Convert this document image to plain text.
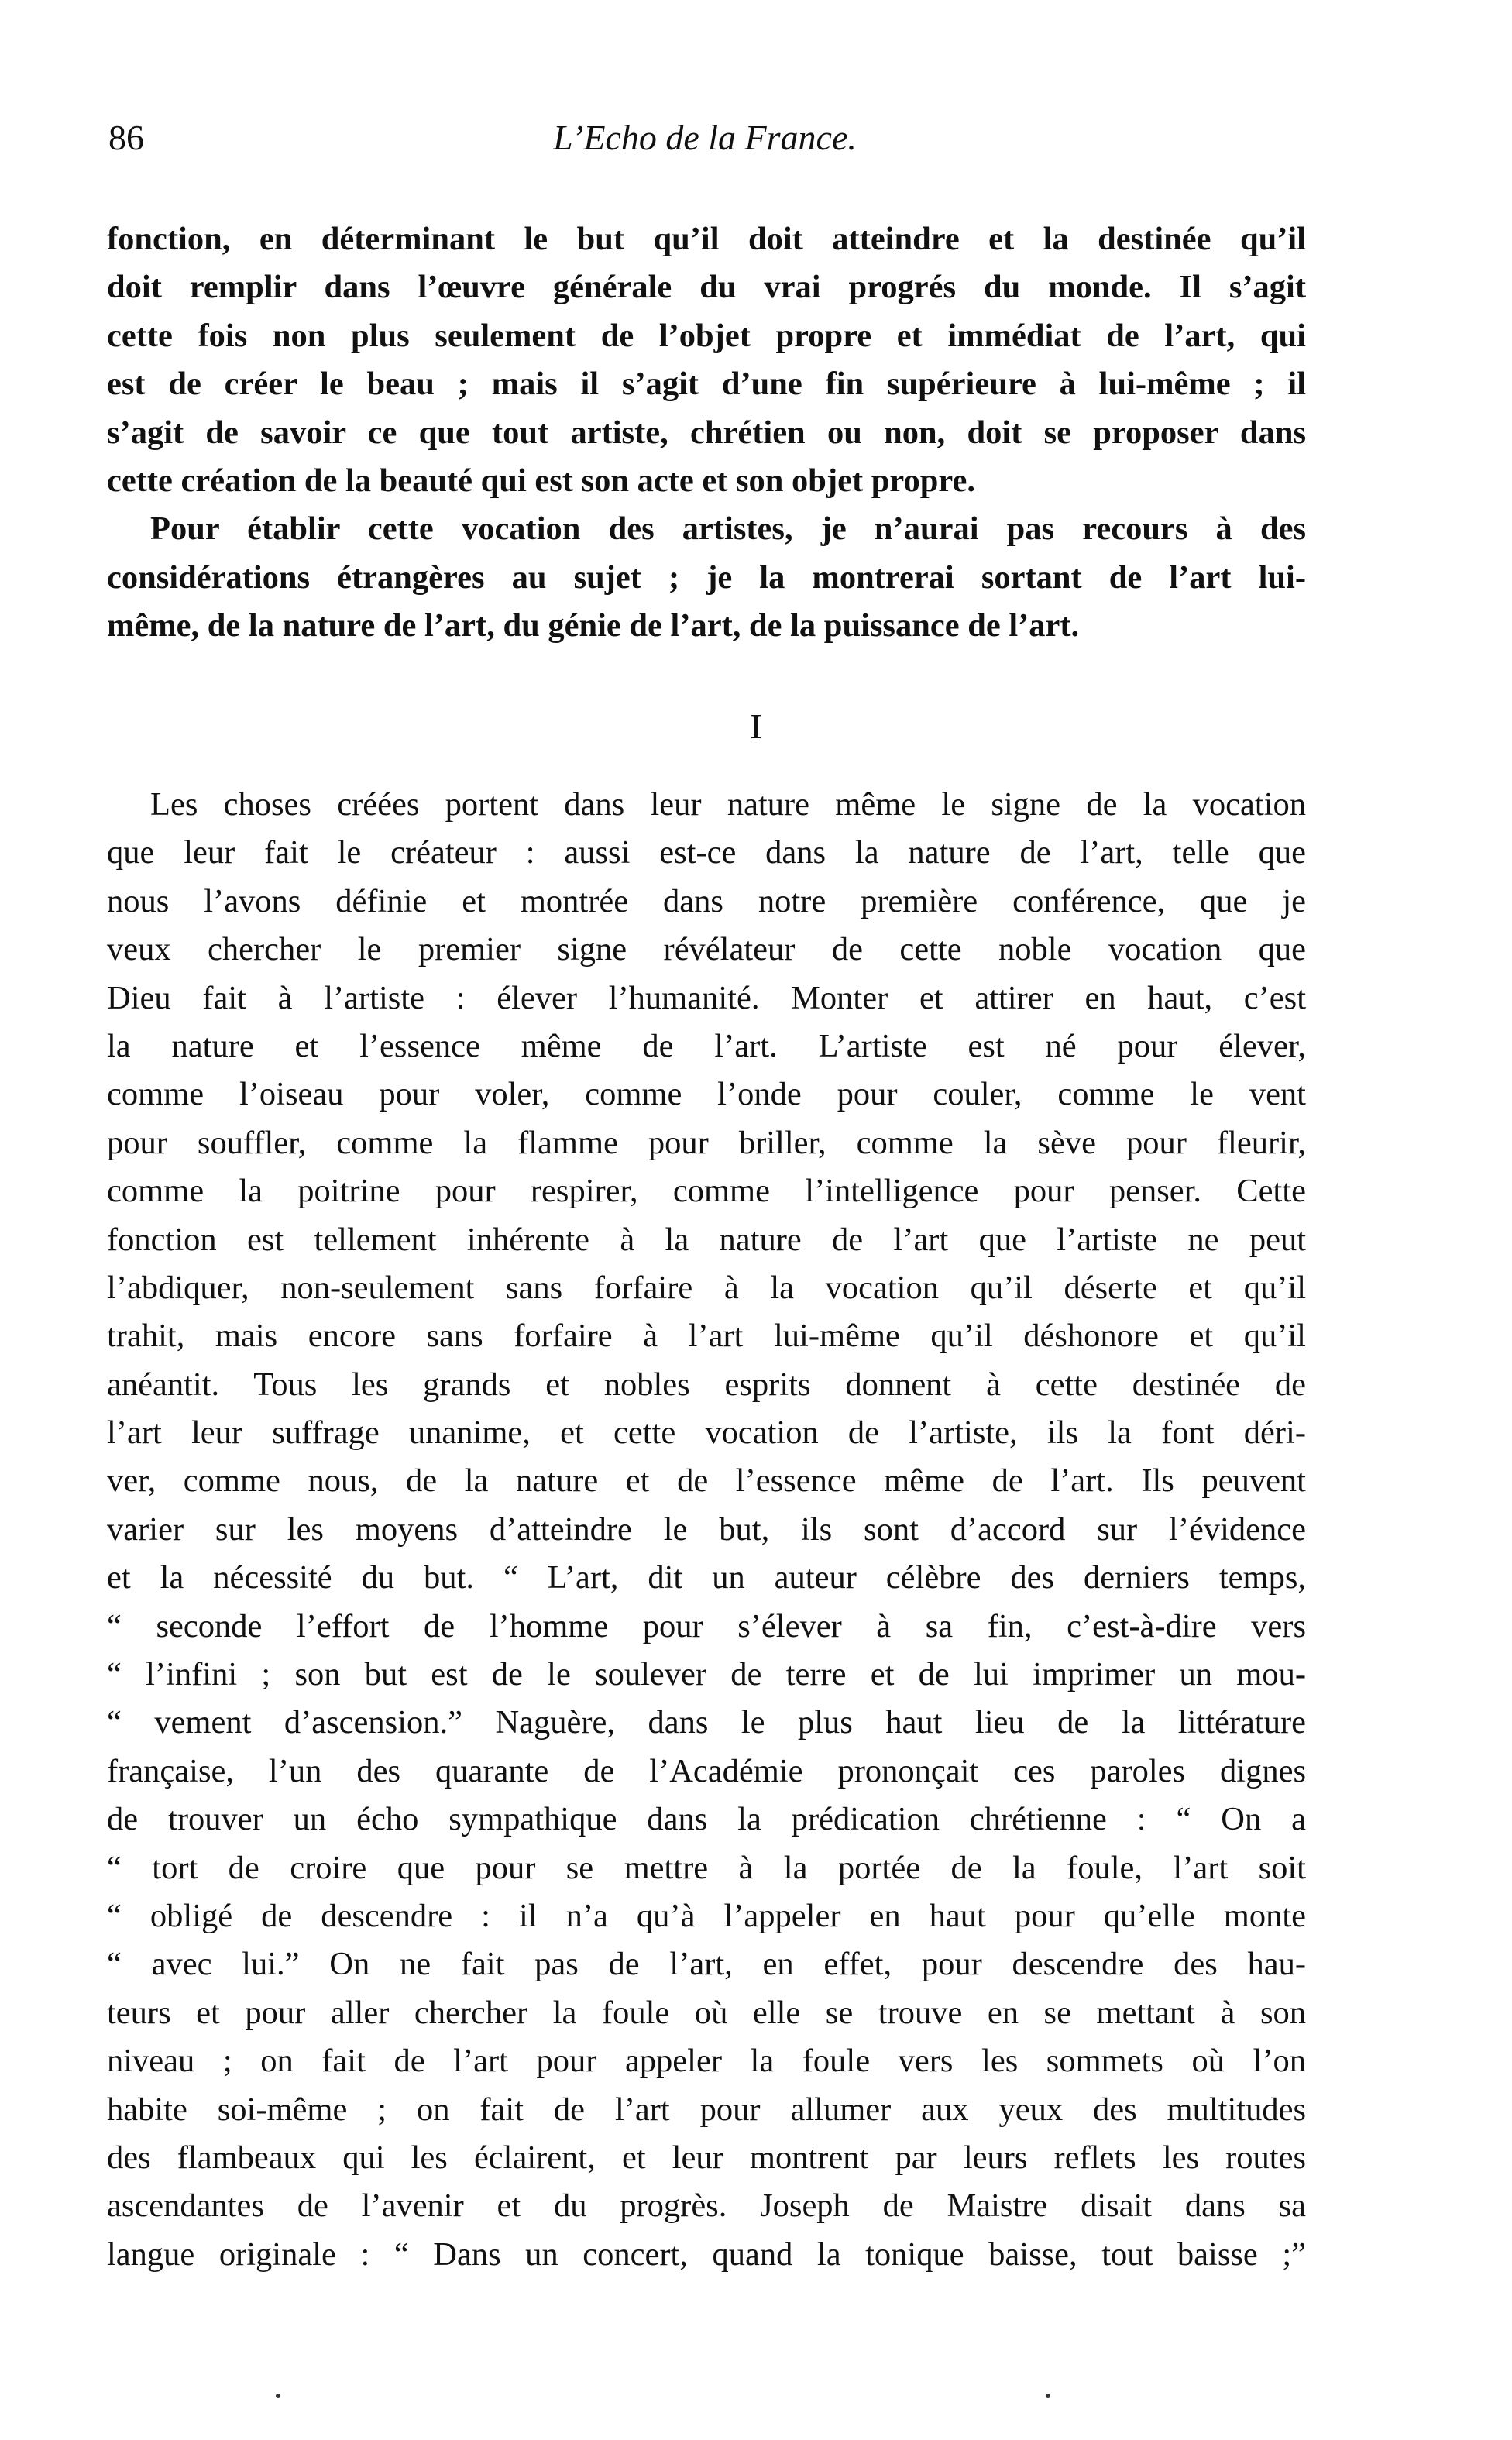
86	L’Echo de la France.
fonction, en déterminant le but qu’il doit atteindre et la destinée qu’il
doit remplir dans l’œuvre générale du vrai progrés du monde. Il s’agit
cette fois non plus seulement de l’objet propre et immédiat de l’art, qui
est de créer le beau ; mais il s’agit d’une fin supérieure à lui-même ; il
s’agit de savoir ce que tout artiste, chrétien ou non, doit se proposer dans
cette création de la beauté qui est son acte et son objet propre.
Pour établir cette vocation des artistes, je n’aurai pas recours à des
considérations étrangères au sujet ; je la montrerai sortant de l’art lui-
même, de la nature de l’art, du génie de l’art, de la puissance de l’art.
I
Les choses créées portent dans leur nature même le signe de la vocation
que leur fait le créateur : aussi est-ce dans la nature de l’art, telle que
nous l’avons définie et montrée dans notre première conférence, que je
veux chercher le premier signe révélateur de cette noble vocation que
Dieu fait à l’artiste : élever l’humanité. Monter et attirer en haut, c’est
la nature et l’essence même de l’art. L’artiste est né pour élever,
comme l’oiseau pour voler, comme l’onde pour couler, comme le vent
pour souffler, comme la flamme pour briller, comme la sève pour fleurir,
comme la poitrine pour respirer, comme l’intelligence pour penser. Cette
fonction est tellement inhérente à la nature de l’art que l’artiste ne peut
l’abdiquer, non-seulement sans forfaire à la vocation qu’il déserte et qu’il
trahit, mais encore sans forfaire à l’art lui-même qu’il déshonore et qu’il
anéantit. Tous les grands et nobles esprits donnent à cette destinée de
l’art leur suffrage unanime, et cette vocation de l’artiste, ils la font déri-
ver, comme nous, de la nature et de l’essence même de l’art. Ils peuvent
varier sur les moyens d’atteindre le but, ils sont d’accord sur l’évidence
et la nécessité du but. “ L’art, dit un auteur célèbre des derniers temps,
“ seconde l’effort de l’homme pour s’élever à sa fin, c’est-à-dire vers
“ l’infini ; son but est de le soulever de terre et de lui imprimer un mou-
“ vement d’ascension.” Naguère, dans le plus haut lieu de la littérature
française, l’un des quarante de l’Académie prononçait ces paroles dignes
de trouver un écho sympathique dans la prédication chrétienne : “ On a
“ tort de croire que pour se mettre à la portée de la foule, l’art soit
“ obligé de descendre : il n’a qu’à l’appeler en haut pour qu’elle monte
“ avec lui.” On ne fait pas de l’art, en effet, pour descendre des hau-
teurs et pour aller chercher la foule où elle se trouve en se mettant à son
niveau ; on fait de l’art pour appeler la foule vers les sommets où l’on
habite soi-même ; on fait de l’art pour allumer aux yeux des multitudes
des flambeaux qui les éclairent, et leur montrent par leurs reflets les routes
ascendantes de l’avenir et du progrès. Joseph de Maistre disait dans sa
langue originale : “ Dans un concert, quand la tonique baisse, tout baisse ;”
